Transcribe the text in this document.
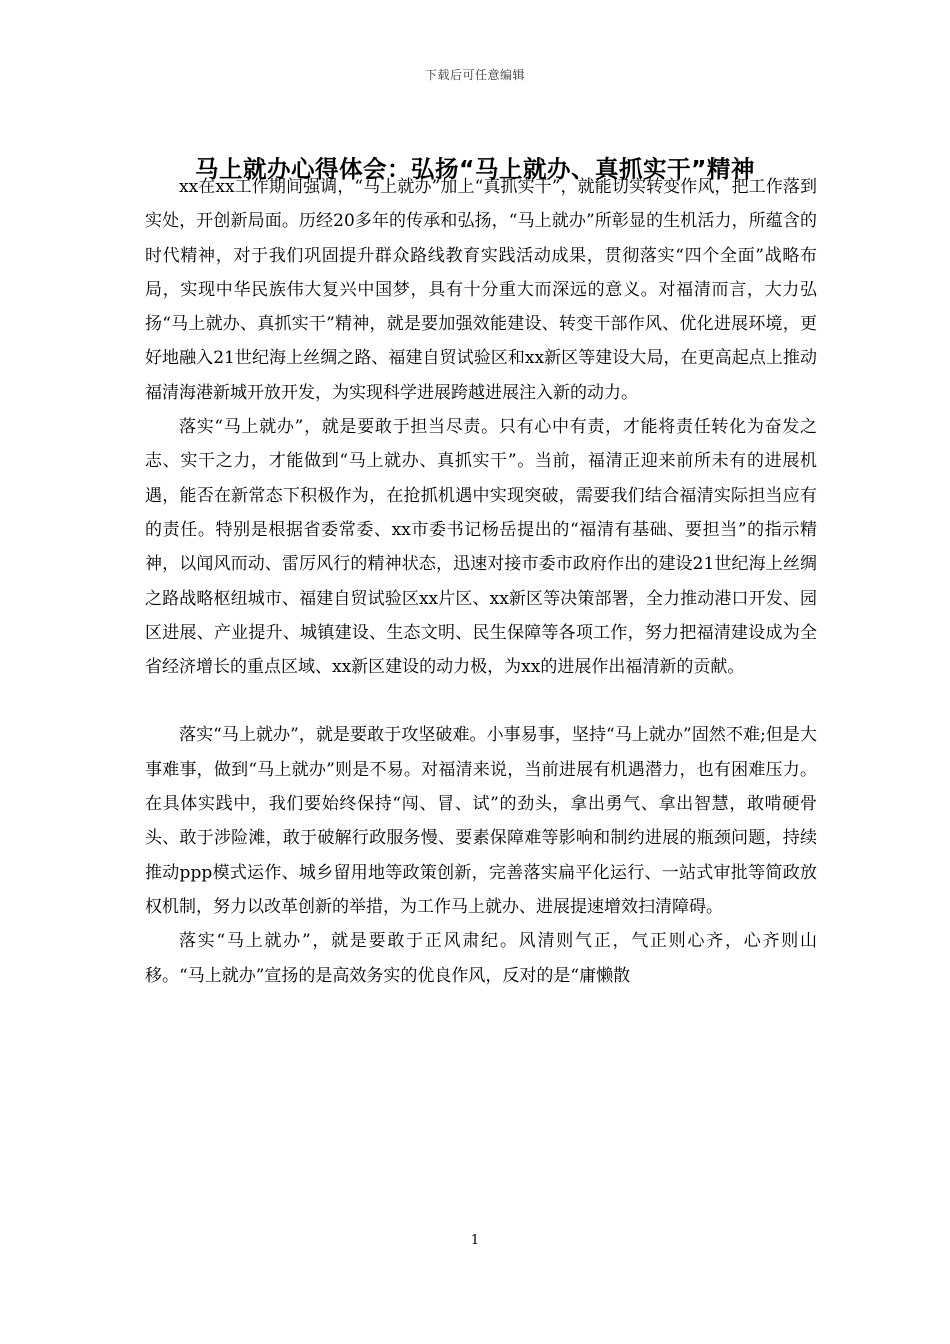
下载后可任意编辑
马上就办心得体会：弘扬“马上就办、真抓实干”精神

xx在xx工作期间强调，“马上就办”加上“真抓实干”，就能切实转变作风，把工作落到实处，开创新局面。历经20多年的传承和弘扬，“马上就办”所彰显的生机活力，所蕴含的时代精神，对于我们巩固提升群众路线教育实践活动成果，贯彻落实“四个全面”战略布局，实现中华民族伟大复兴中国梦，具有十分重大而深远的意义。对福清而言，大力弘扬“马上就办、真抓实干”精神，就是要加强效能建设、转变干部作风、优化进展环境，更好地融入21世纪海上丝绸之路、福建自贸试验区和xx新区等建设大局，在更高起点上推动福清海港新城开放开发，为实现科学进展跨越进展注入新的动力。

落实“马上就办”，就是要敢于担当尽责。只有心中有责，才能将责任转化为奋发之志、实干之力，才能做到“马上就办、真抓实干”。当前，福清正迎来前所未有的进展机遇，能否在新常态下积极作为，在抢抓机遇中实现突破，需要我们结合福清实际担当应有的责任。特别是根据省委常委、xx市委书记杨岳提出的“福清有基础、要担当”的指示精神，以闻风而动、雷厉风行的精神状态，迅速对接市委市政府作出的建设21世纪海上丝绸之路战略枢纽城市、福建自贸试验区xx片区、xx新区等决策部署，全力推动港口开发、园区进展、产业提升、城镇建设、生态文明、民生保障等各项工作，努力把福清建设成为全省经济增长的重点区域、xx新区建设的动力极，为xx的进展作出福清新的贡献。

落实“马上就办”，就是要敢于攻坚破难。小事易事，坚持“马上就办”固然不难;但是大事难事，做到“马上就办”则是不易。对福清来说，当前进展有机遇潜力，也有困难压力。在具体实践中，我们要始终保持“闯、冒、试”的劲头，拿出勇气、拿出智慧，敢啃硬骨头、敢于涉险滩，敢于破解行政服务慢、要素保障难等影响和制约进展的瓶颈问题，持续推动ppp模式运作、城乡留用地等政策创新，完善落实扁平化运行、一站式审批等简政放权机制，努力以改革创新的举措，为工作马上就办、进展提速增效扫清障碍。

落实“马上就办”，就是要敢于正风肃纪。风清则气正，气正则心齐，心齐则山移。“马上就办”宣扬的是高效务实的优良作风，反对的是“庸懒散

1
